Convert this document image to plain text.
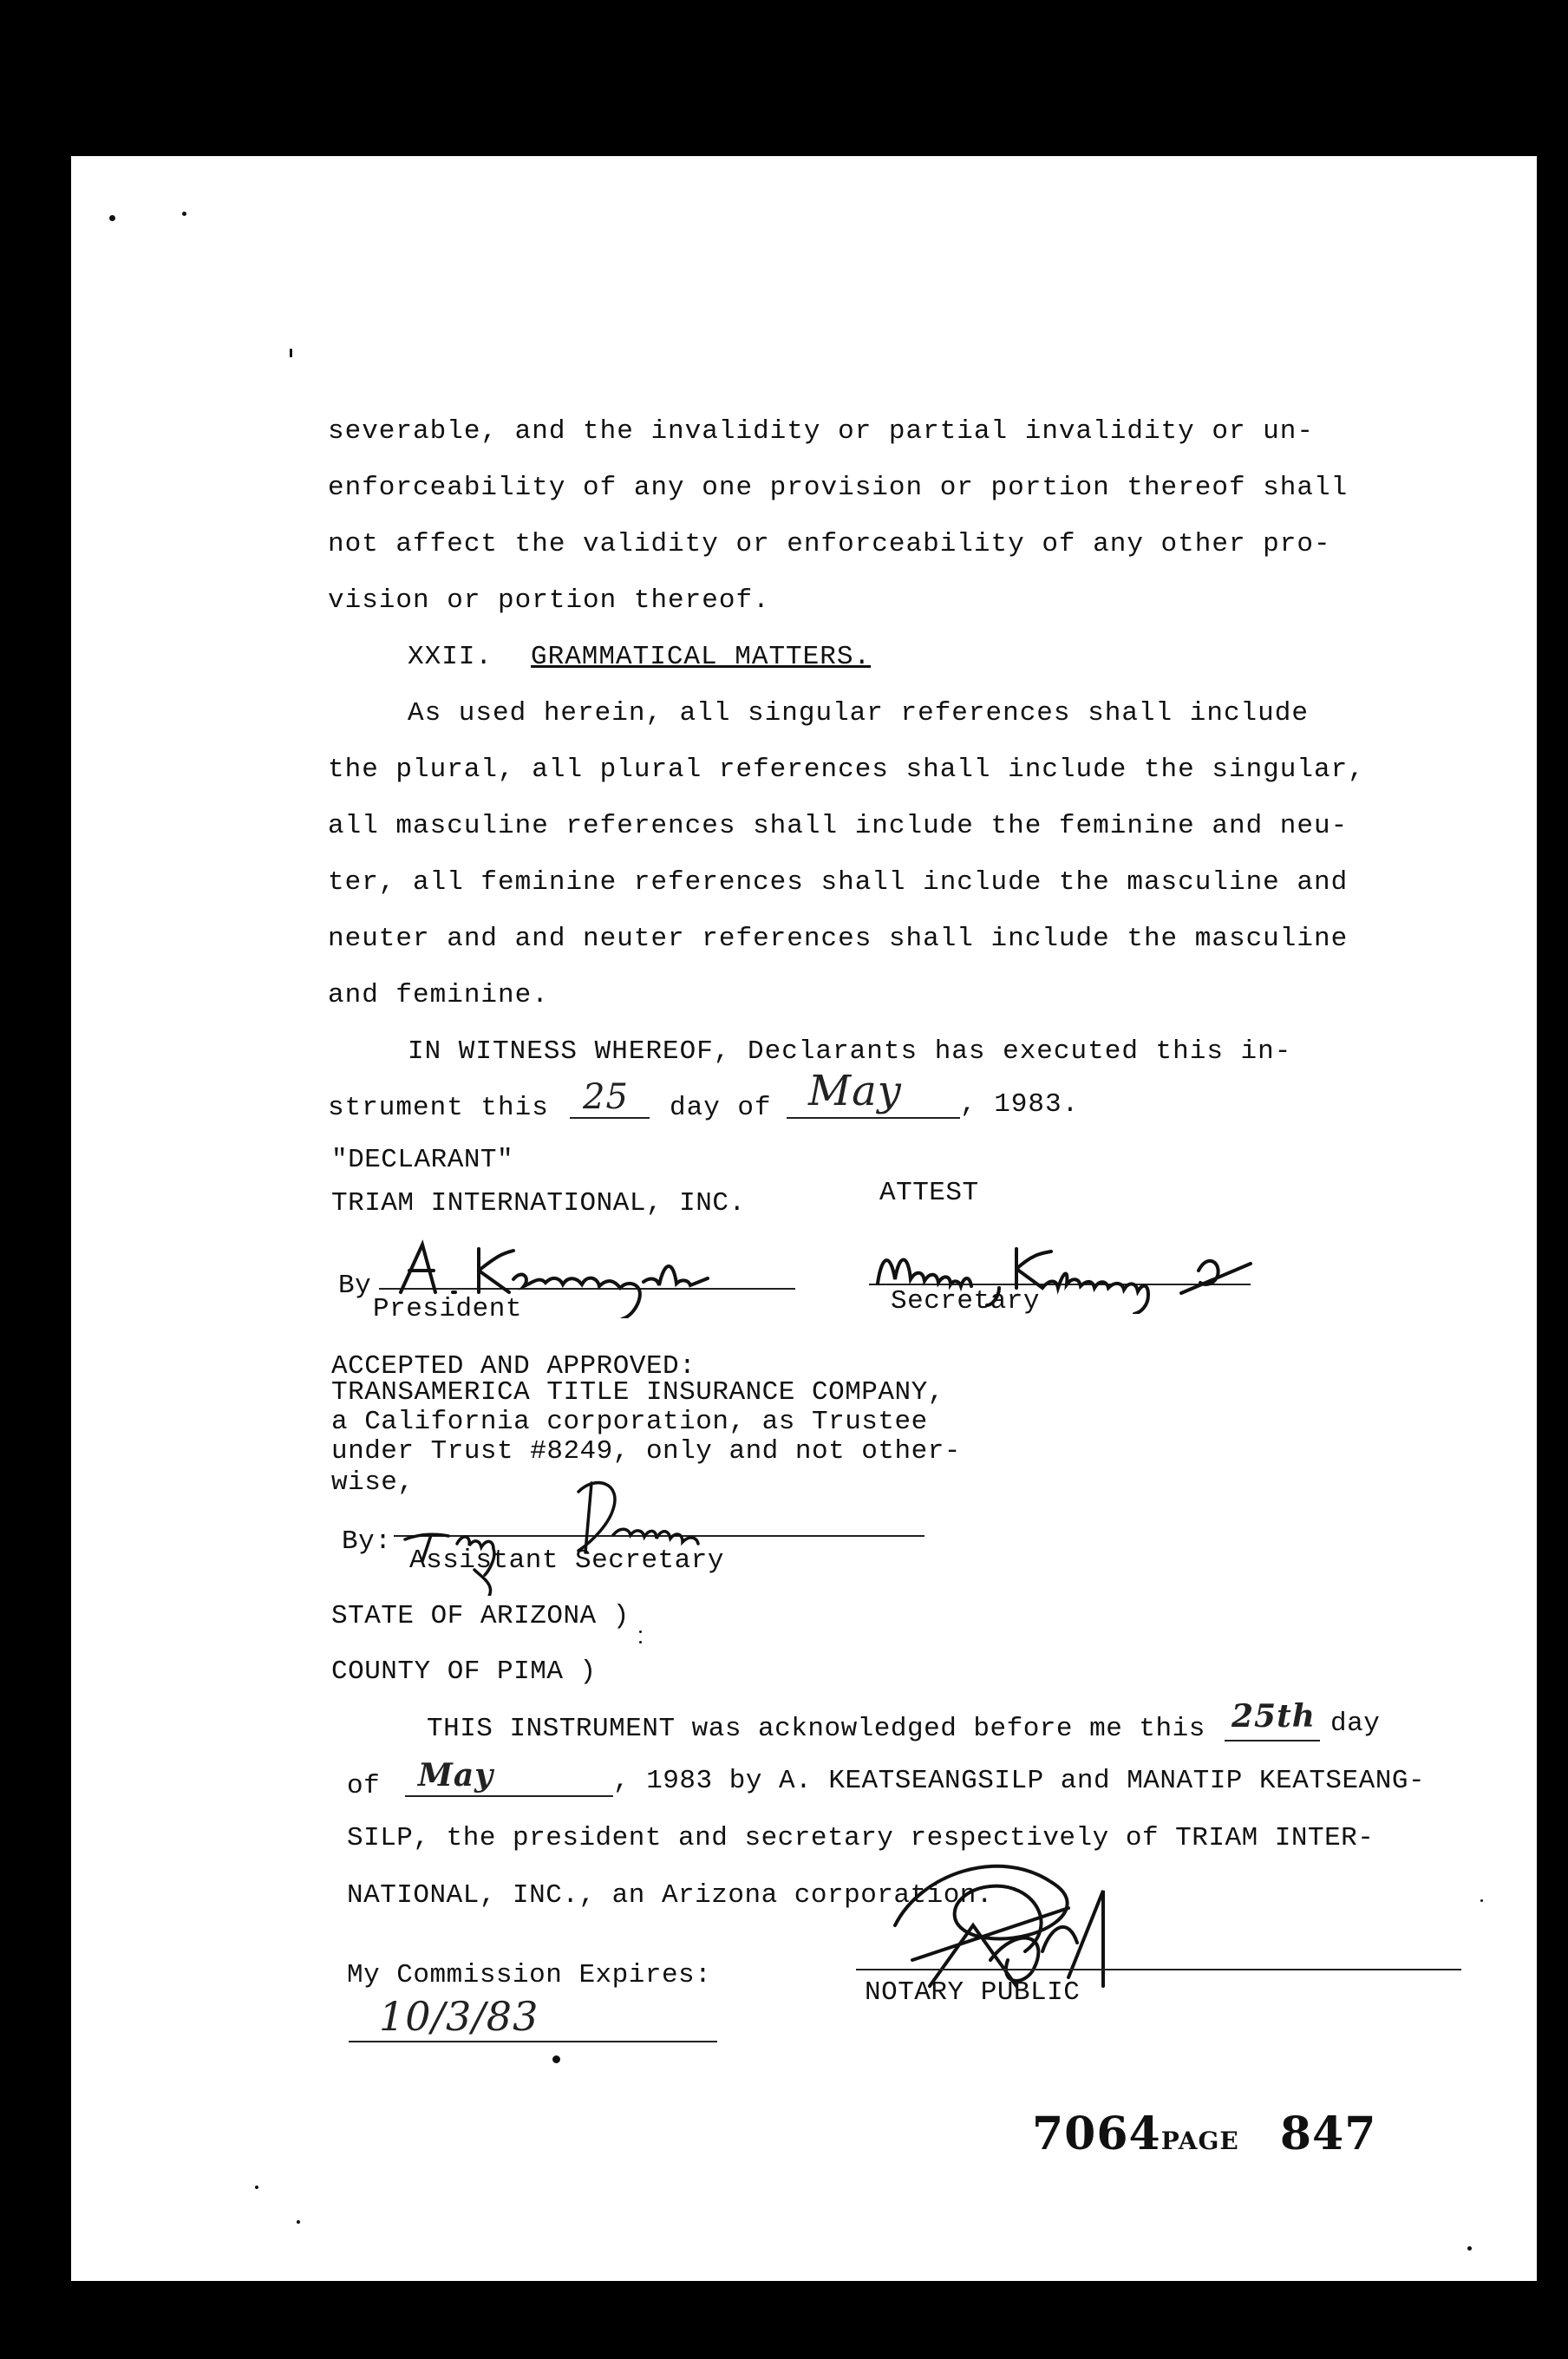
severable, and the invalidity or partial invalidity or un-
enforceability of any one provision or portion thereof shall
not affect the validity or enforceability of any other pro-
vision or portion thereof.
XXII. GRAMMATICAL MATTERS.
As used herein, all singular references shall include
the plural, all plural references shall include the singular,
all masculine references shall include the feminine and neu-
ter, all feminine references shall include the masculine and
neuter and and neuter references shall include the masculine
and feminine.
IN WITNESS WHEREOF, Declarants has executed this in-
strument this 25 day of May , 1983.
"DECLARANT"
TRIAM INTERNATIONAL, INC.	ATTEST
By
President	Secretary
ACCEPTED AND APPROVED:
TRANSAMERICA TITLE INSURANCE COMPANY,
a California corporation, as Trustee
under Trust #8249, only and not other-
wise,
By:
Assistant Secretary
STATE OF ARIZONA )
COUNTY OF PIMA )
THIS INSTRUMENT was acknowledged before me this 25th day
of May	, 1983 by A. KEATSEANGSILP and MANATIP KEATSEANG-
SILP, the president and secretary respectively of TRIAM INTER-
NATIONAL, INC., an Arizona corporation.
My Commission Expires:
10/3/83
NOTARY PUBLIC
7064PAGE 847
